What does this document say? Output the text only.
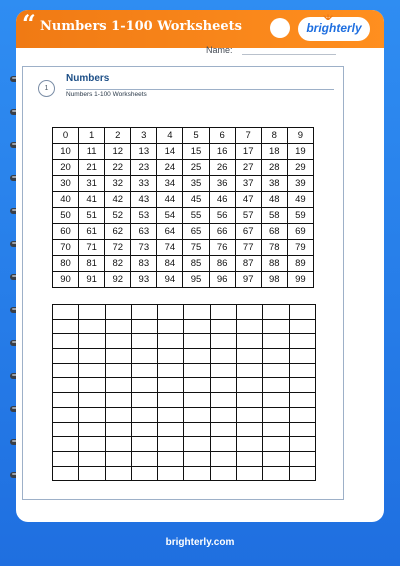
“ Numbers 1-100 Worksheets	brighterly
Name:
1
Numbers
Numbers 1-100 Worksheets
0	1	2	3	4	5	6	7	8	9
10	11	12	13	14	15	16	17	18	19
20	21	22	23	24	25	26	27	28	29
30	31	32	33	34	35	36	37	38	39
40	41	42	43	44	45	46	47	48	49
50	51	52	53	54	55	56	57	58	59
60	61	62	63	64	65	66	67	68	69
70	71	72	73	74	75	76	77	78	79
80	81	82	83	84	85	86	87	88	89
90	91	92	93	94	95	96	97	98	99

brighterly.com
